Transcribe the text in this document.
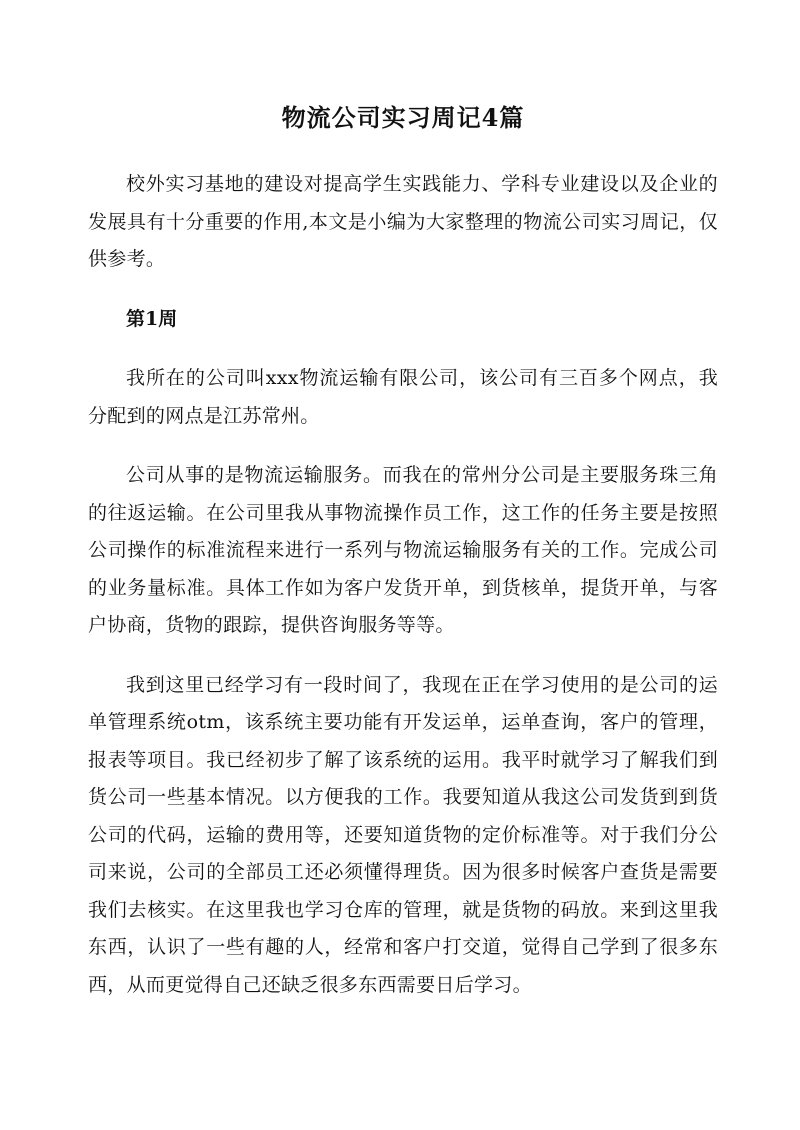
物流公司实习周记4篇

校外实习基地的建设对提高学生实践能力、学科专业建设以及企业的发展具有十分重要的作用,本文是小编为大家整理的物流公司实习周记，仅供参考。

第1周

我所在的公司叫xxx物流运输有限公司，该公司有三百多个网点，我分配到的网点是江苏常州。

公司从事的是物流运输服务。而我在的常州分公司是主要服务珠三角的往返运输。在公司里我从事物流操作员工作，这工作的任务主要是按照公司操作的标准流程来进行一系列与物流运输服务有关的工作。完成公司的业务量标准。具体工作如为客户发货开单，到货核单，提货开单，与客户协商，货物的跟踪，提供咨询服务等等。

我到这里已经学习有一段时间了，我现在正在学习使用的是公司的运单管理系统otm，该系统主要功能有开发运单，运单查询，客户的管理，报表等项目。我已经初步了解了该系统的运用。我平时就学习了解我们到货公司一些基本情况。以方便我的工作。我要知道从我这公司发货到到货公司的代码，运输的费用等，还要知道货物的定价标准等。对于我们分公司来说，公司的全部员工还必须懂得理货。因为很多时候客户查货是需要我们去核实。在这里我也学习仓库的管理，就是货物的码放。来到这里我东西，认识了一些有趣的人，经常和客户打交道，觉得自己学到了很多东西，从而更觉得自己还缺乏很多东西需要日后学习。
